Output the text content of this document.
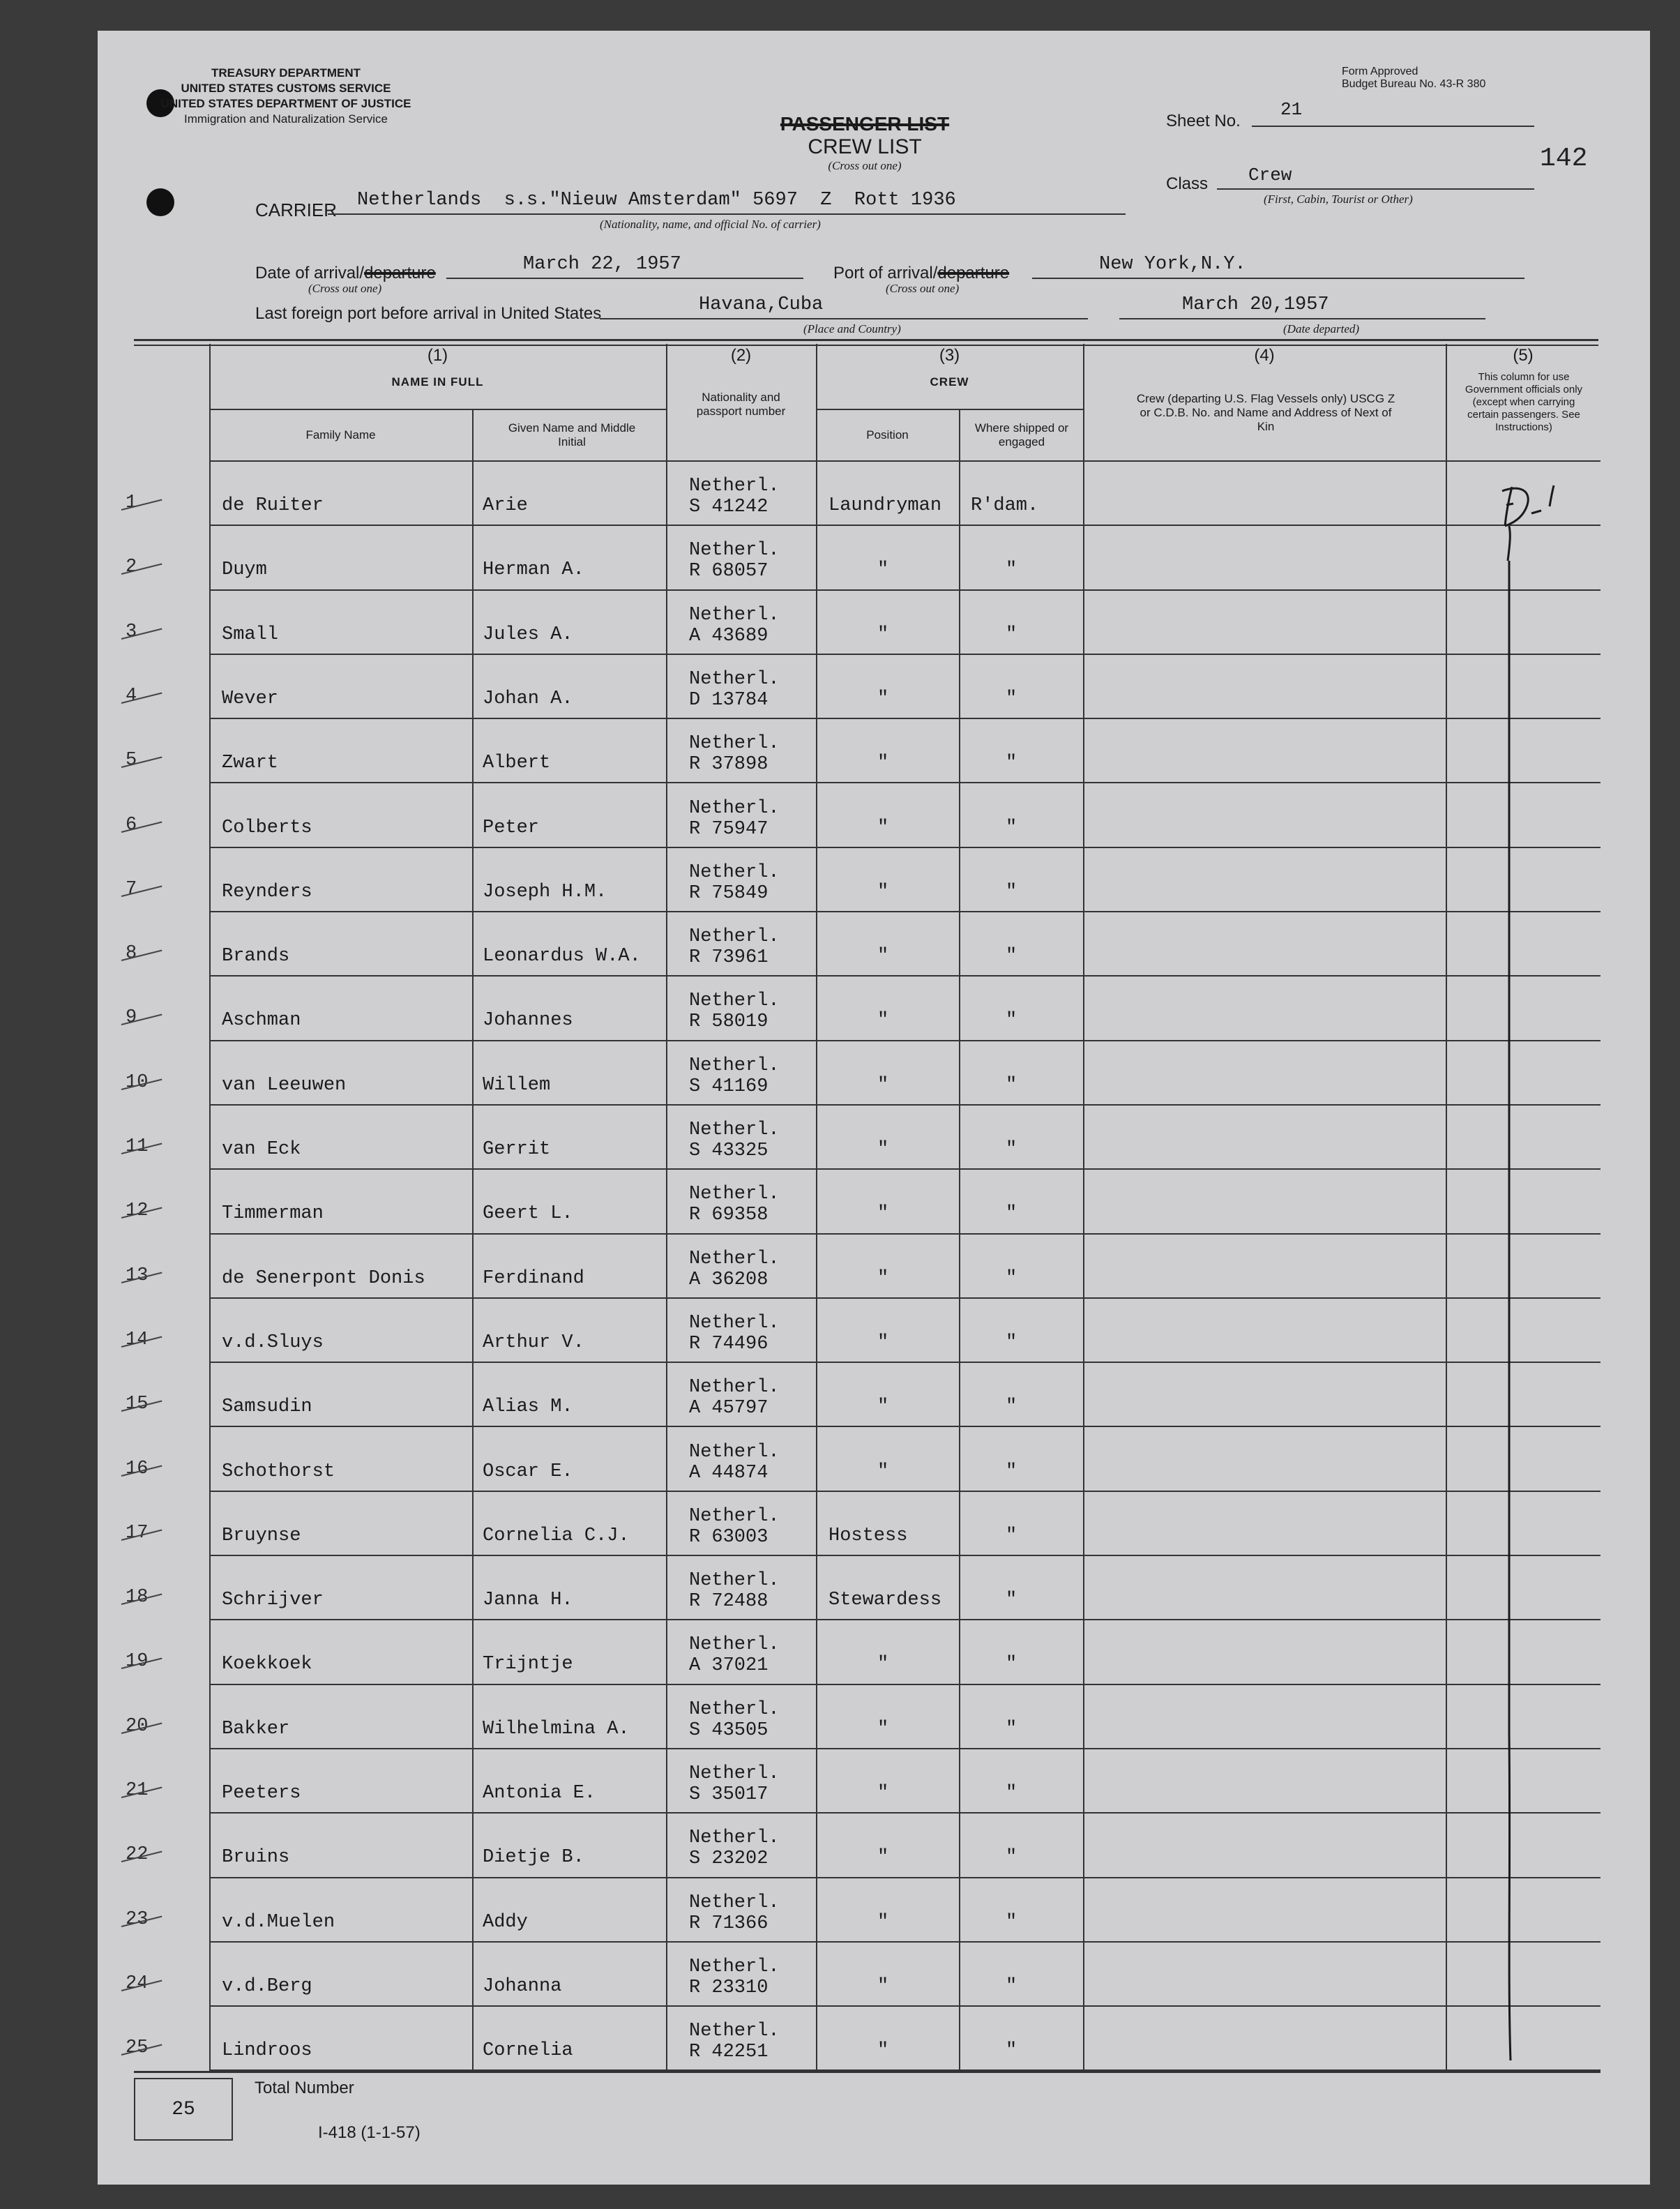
TREASURY DEPARTMENT
UNITED STATES CUSTOMS SERVICE
UNITED STATES DEPARTMENT OF JUSTICE
Immigration and Naturalization Service
Form Approved
Budget Bureau No. 43-R 380
PASSENGER LIST
CREW LIST
(Cross out one)
Sheet No.
21
142
Class Crew
(First, Cabin, Tourist or Other)
CARRIER Netherlands  s.s."Nieuw Amsterdam" 5697  Z  Rott 1936
(Nationality, name, and official No. of carrier)
Date of arrival/departure
(Cross out one)
March 22, 1957	Port of arrival/departure
(Cross out one)
New York,N.Y.
Last foreign port before arrival in United States	Havana,Cuba
(Place and Country)
March 20,1957
(Date departed)
(1)
NAME IN FULL
Family Name
Given Name and Middle Initial
(2)
Nationality and passport number
(3)
CREW
Position
Where shipped or engaged
(4)
Crew (departing U.S. Flag Vessels only) USCG Z or C.D.B. No. and Name and Address of Next of Kin
(5)
This column for use Government officials only (except when carrying certain passengers. See Instructions)
1	de Ruiter	Arie
Netherl.
S 41242	Laundryman R'dam.
2	Duym	Herman A.
Netherl.
R 68057	"	"
3	Small	Jules A.
Netherl.
A 43689	"	"
4	Wever	Johan A.
Netherl.
D 13784	"	"
5	Zwart	Albert
Netherl.
R 37898	"	"
6	Colberts	Peter
Netherl.
R 75947	"	"
7	Reynders	Joseph H.M.
Netherl.
R 75849	"	"
8	Brands	Leonardus W.A.
Netherl.
R 73961	"	"
9	Aschman	Johannes
Netherl.
R 58019	"	"
10	van Leeuwen	Willem
Netherl.
S 41169	"	"
11	van Eck	Gerrit
Netherl.
S 43325	"	"
12	Timmerman	Geert L.
Netherl.
R 69358	"	"
13	de Senerpont Donis	Ferdinand
Netherl.
A 36208	"	"
14	v.d.Sluys	Arthur V.
Netherl.
R 74496	"	"
15	Samsudin	Alias M.
Netherl.
A 45797	"	"
16	Schothorst	Oscar E.
Netherl.
A 44874	"	"
17	Bruynse	Cornelia C.J.
Netherl.
R 63003	Hostess	"
18	Schrijver	Janna H.
Netherl.
R 72488	Stewardess	"
19	Koekkoek	Trijntje
Netherl.
A 37021	"	"
20	Bakker	Wilhelmina A.
Netherl.
S 43505	"	"
21	Peeters	Antonia E.
Netherl.
S 35017	"	"
22	Bruins	Dietje B.
Netherl.
S 23202	"	"
23	v.d.Muelen	Addy
Netherl.
R 71366	"	"
24	v.d.Berg	Johanna
Netherl.
R 23310	"	"
25	Lindroos	Cornelia
Netherl.
R 42251	"	"
25
Total Number
I-418 (1-1-57)
